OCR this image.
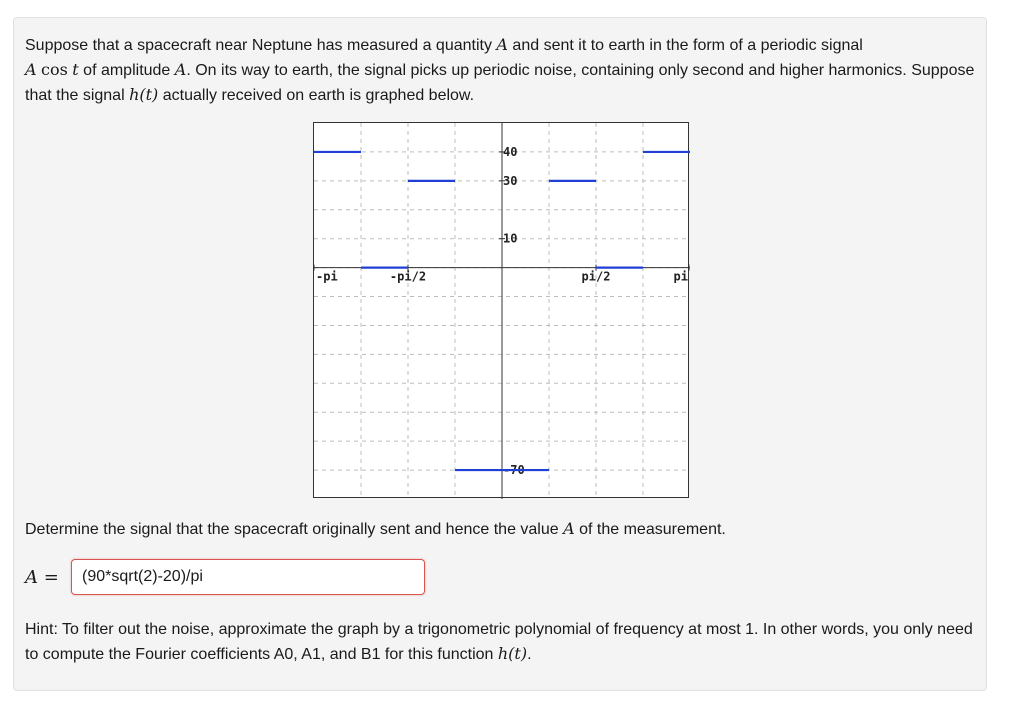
Suppose that a spacecraft near Neptune has measured a quantity A and sent it to earth in the form of a periodic signal
A cos t of amplitude A. On its way to earth, the signal picks up periodic noise, containing only second and higher harmonics. Suppose that the signal h(t) actually received on earth is graphed below.

-pi	-pi/2	pi/2	pi
40
30
10
-70

Determine the signal that the spacecraft originally sent and hence the value A of the measurement.

A =
(90*sqrt(2)-20)/pi

Hint: To filter out the noise, approximate the graph by a trigonometric polynomial of frequency at most 1. In other words, you only need to compute the Fourier coefficients A0, A1, and B1 for this function h(t).
